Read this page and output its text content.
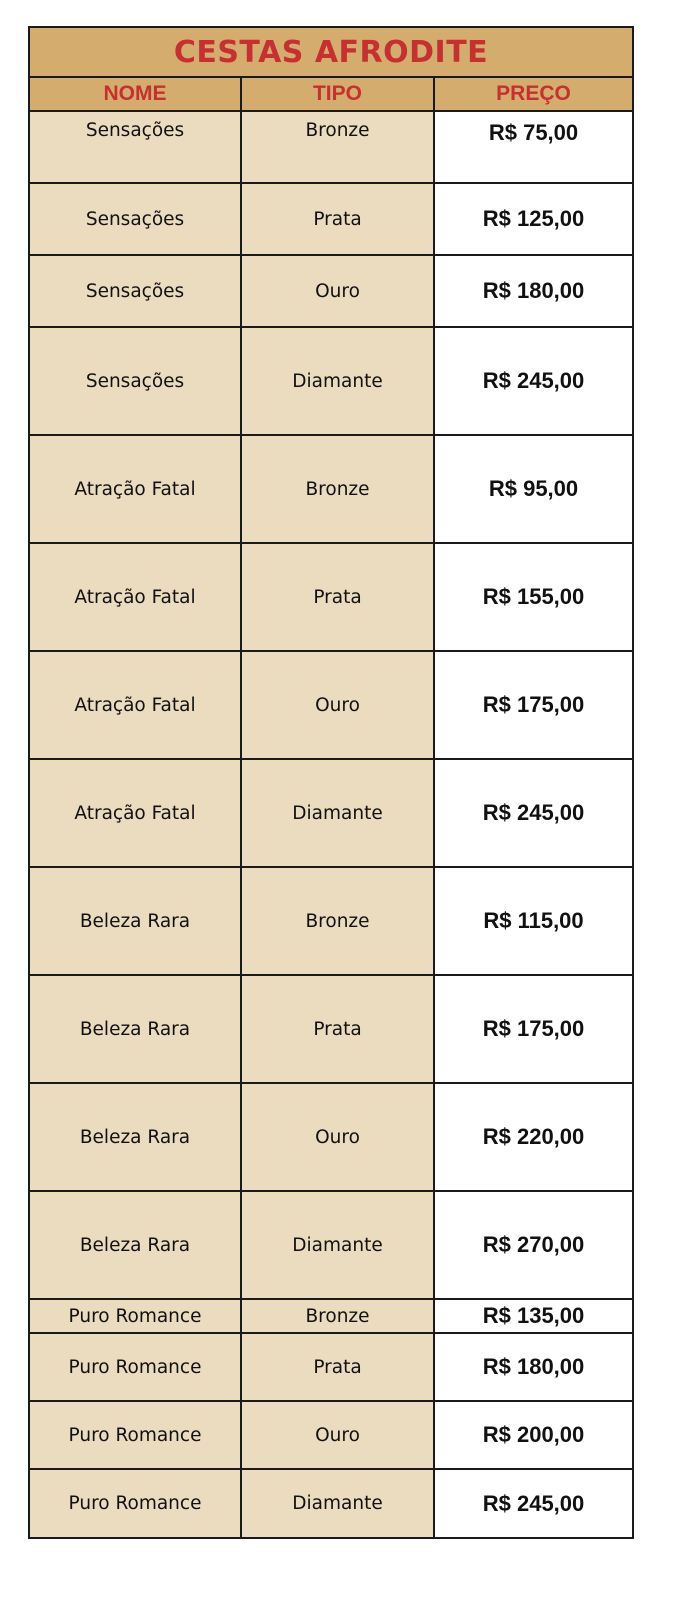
CESTAS AFRODITE
NOME	TIPO	PREÇO
Sensações	Bronze	R$ 75,00
Sensações	Prata	R$ 125,00
Sensações	Ouro	R$ 180,00
Sensações	Diamante	R$ 245,00
Atração Fatal	Bronze	R$ 95,00
Atração Fatal	Prata	R$ 155,00
Atração Fatal	Ouro	R$ 175,00
Atração Fatal	Diamante	R$ 245,00
Beleza Rara	Bronze	R$ 115,00
Beleza Rara	Prata	R$ 175,00
Beleza Rara	Ouro	R$ 220,00
Beleza Rara	Diamante	R$ 270,00
Puro Romance	Bronze	R$ 135,00
Puro Romance	Prata	R$ 180,00
Puro Romance	Ouro	R$ 200,00
Puro Romance	Diamante	R$ 245,00
